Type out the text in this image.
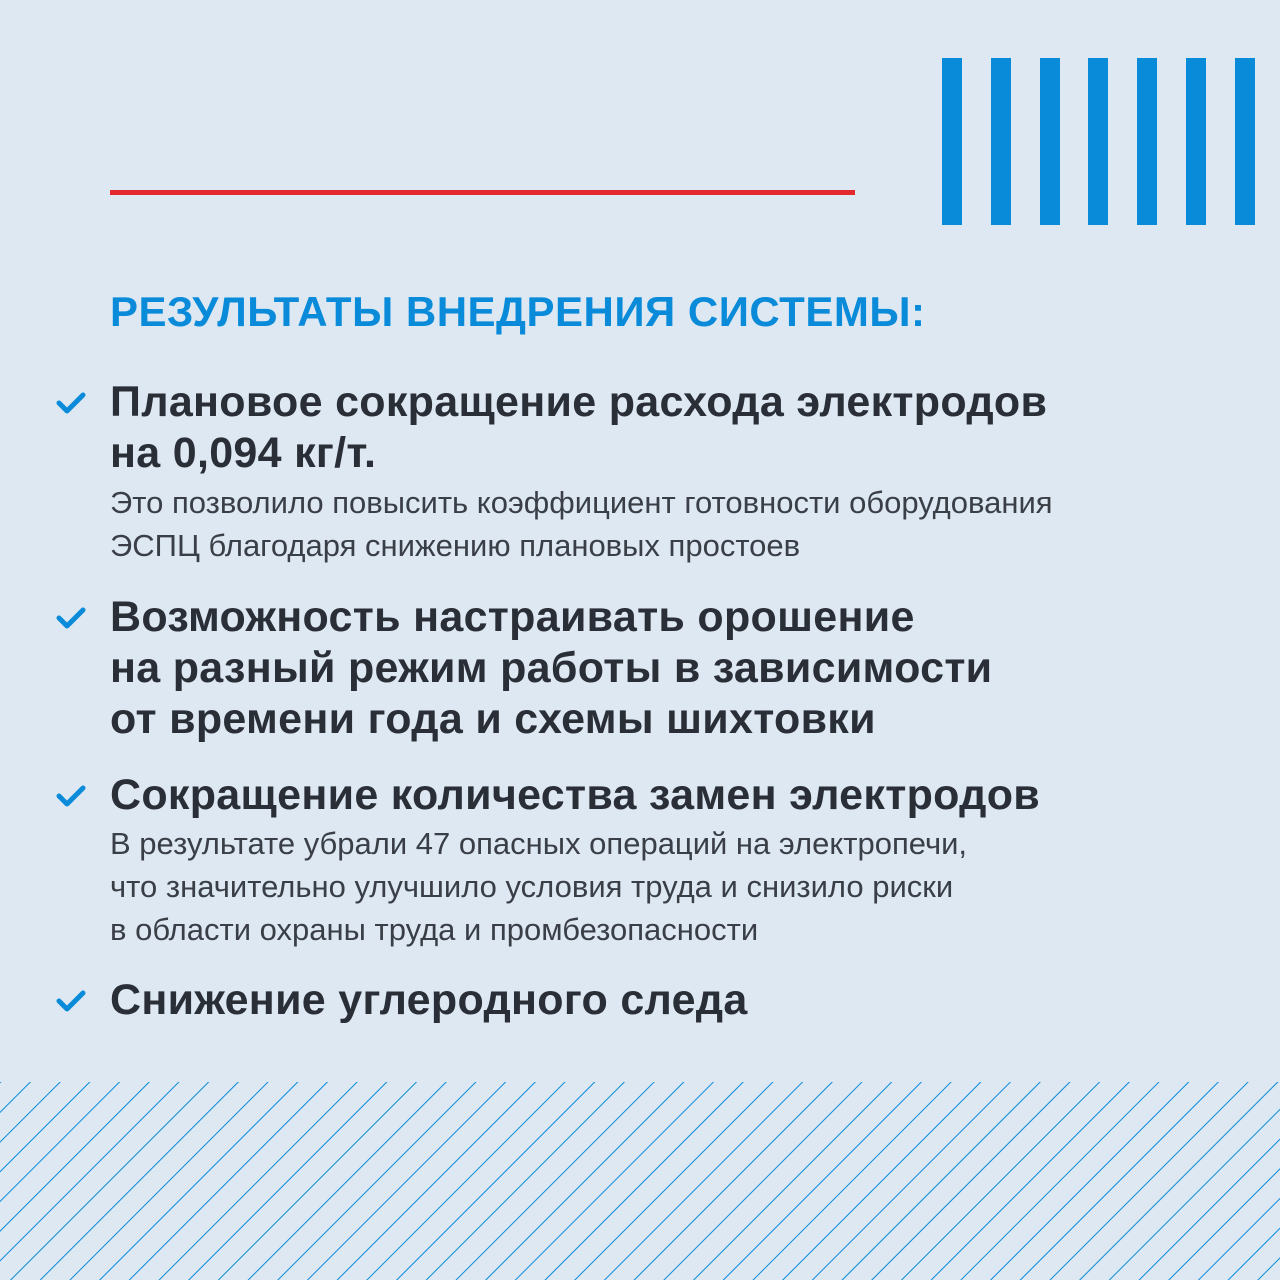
РЕЗУЛЬТАТЫ ВНЕДРЕНИЯ СИСТЕМЫ:
Плановое сокращение расхода электродов
на 0,094 кг/т.
Это позволило повысить коэффициент готовности оборудования
ЭСПЦ благодаря снижению плановых простоев
Возможность настраивать орошение
на разный режим работы в зависимости
от времени года и схемы шихтовки
Сокращение количества замен электродов
В результате убрали 47 опасных операций на электропечи,
что значительно улучшило условия труда и снизило риски
в области охраны труда и промбезопасности
Снижение углеродного следа
